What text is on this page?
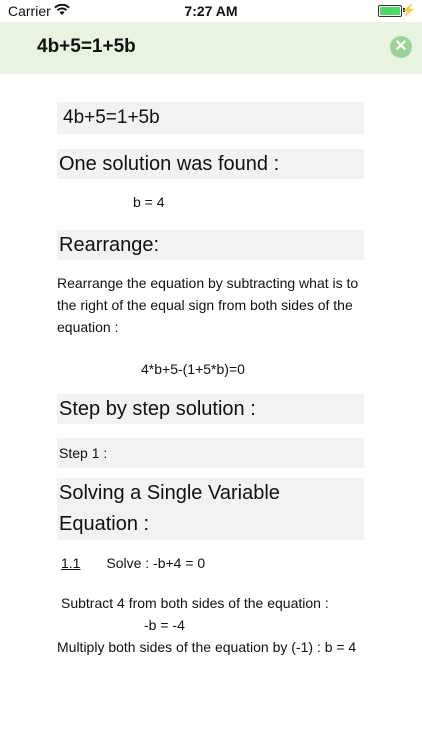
Carrier	7:27 AM	⚡
4b+5=1+5b	✕
4b+5=1+5b
One solution was found :
b = 4
Rearrange:
Rearrange the equation by subtracting what is to the right of the equal sign from both sides of the equation :
4*b+5-(1+5*b)=0
Step by step solution :
Step 1 :
Solving a Single Variable Equation :
1.1 Solve : -b+4 = 0
Subtract 4 from both sides of the equation :
-b = -4
Multiply both sides of the equation by (-1) : b = 4
